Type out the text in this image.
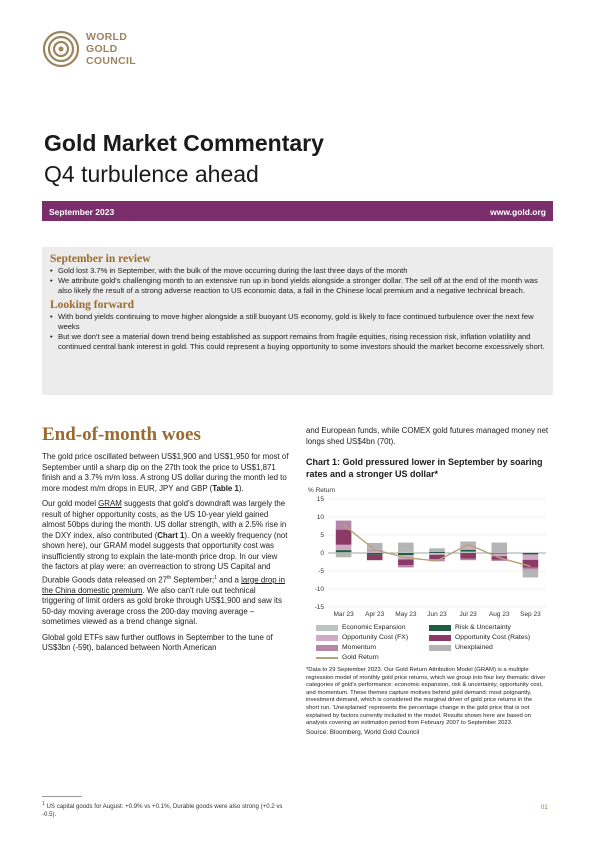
WORLD
GOLD
COUNCIL
Gold Market Commentary
Q4 turbulence ahead
September 2023	www.gold.org
September in review
• Gold lost 3.7% in September, with the bulk of the move occurring during the last three days of the month
• We attribute gold's challenging month to an extensive run up in bond yields alongside a stronger dollar. The sell off at the end of the month was also likely the result of a strong adverse reaction to US economic data, a fall in the Chinese local premium and a negative technical breach.
Looking forward
• With bond yields continuing to move higher alongside a still buoyant US economy, gold is likely to face continued turbulence over the next few weeks
• But we don't see a material down trend being established as support remains from fragile equities, rising recession risk, inflation volatility and continued central bank interest in gold. This could represent a buying opportunity to some investors should the market become excessively short.
End-of-month woes

The gold price oscillated between US$1,900 and US$1,950 for most of September until a sharp dip on the 27th took the price to US$1,871 finish and a 3.7% m/m loss. A strong US dollar during the month led to more modest m/m drops in EUR, JPY and GBP (Table 1).

Our gold model GRAM suggests that gold's downdraft was largely the result of higher opportunity costs, as the US 10-year yield gained almost 50bps during the month. US dollar strength, with a 2.5% rise in the DXY index, also contributed (Chart 1). On a weekly frequency (not shown here), our GRAM model suggests that opportunity cost was insufficiently strong to explain the late-month price drop. In our view the factors at play were: an overreaction to strong US Capital and Durable Goods data released on 27th September;$^1$ and a large drop in the China domestic premium. We also can't rule out technical triggering of limit orders as gold broke through US$1,900 and saw its 50-day moving average cross the 200-day moving average – sometimes viewed as a trend change signal.

Global gold ETFs saw further outflows in September to the tune of US$3bn (-59t), balanced between North American

$^1$ US capital goods for August: +0.9% vs +0.1%, Durable goods were also strong (+0.2 vs -0.5).

and European funds, while COMEX gold futures managed money net longs shed US$4bn (70t).

Chart 1: Gold pressured lower in September by soaring rates and a stronger US dollar*
% Return
15
10
5
0
-5
-10
-15
Mar 23 Apr 23 May 23 Jun 23 Jul 23 Aug 23 Sep 23
Economic Expansion	Risk & Uncertainty
Opportunity Cost (FX)	Opportunity Cost (Rates)
Momentum	Unexplained
Gold Return
*Data to 29 September 2023. Our Gold Return Attribution Model (GRAM) is a multiple regression model of monthly gold price returns, which we group into four key thematic driver categories of gold's performance: economic expansion, risk & uncertainty, opportunity cost, and momentum. These themes capture motives behind gold demand; most poignantly, investment demand, which is considered the marginal driver of gold price returns in the short run. 'Unexplained' represents the percentage change in the gold price that is not explained by factors currently included in the model. Results shown here are based on analysis covering an estimation period from February 2007 to September 2023.
Source: Bloomberg, World Gold Council
01
